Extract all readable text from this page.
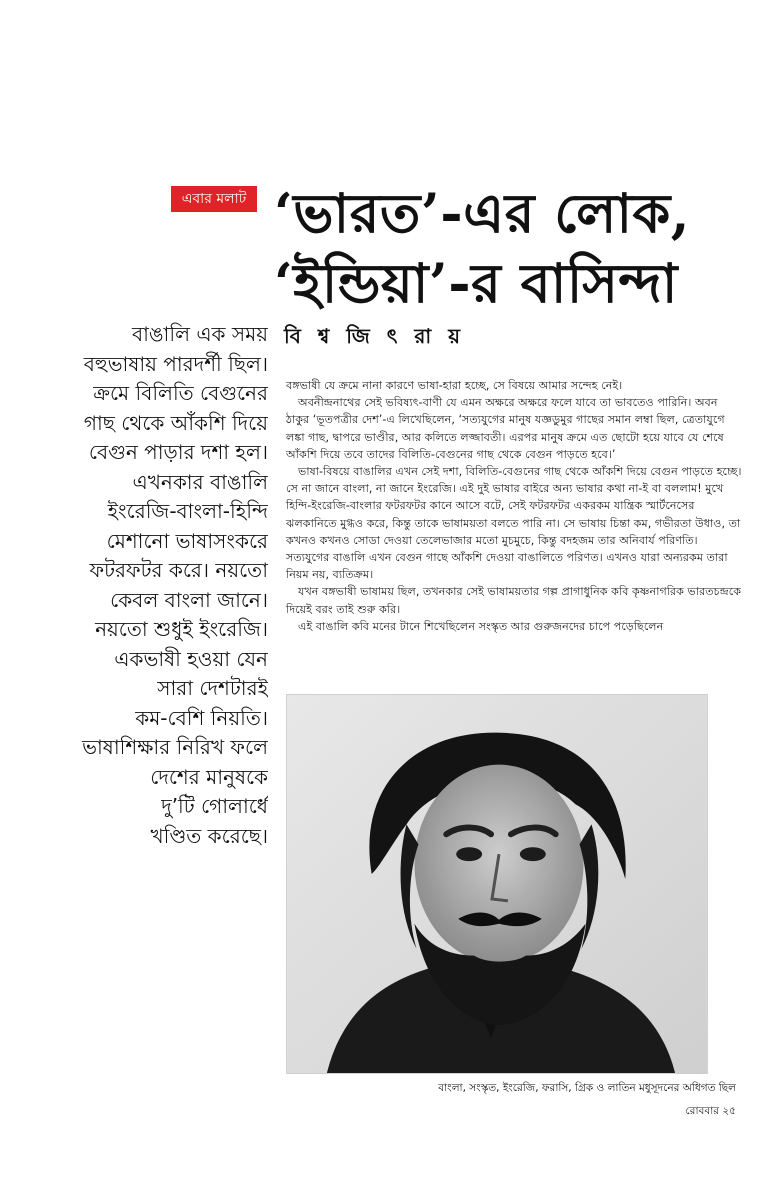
এবার মলাট ‘ভারত’-এর লোক,
‘ইন্ডিয়া’-র বাসিন্দা
বি শ্ব জি ৎ রা য়
বাঙালি এক সময়
বহুভাষায় পারদর্শী ছিল।
ক্রমে বিলিতি বেগুনের
গাছ থেকে আঁকশি দিয়ে
বেগুন পাড়ার দশা হল।
এখনকার বাঙালি
ইংরেজি-বাংলা-হিন্দি
মেশানো ভাষাসংকরে
ফটরফটর করে। নয়তো
কেবল বাংলা জানে।
নয়তো শুধুই ইংরেজি।
একভাষী হওয়া যেন
সারা দেশটারই
কম-বেশি নিয়তি।
ভাষাশিক্ষার নিরিখ ফলে
দেশের মানুষকে
দু’টি গোলার্ধে
খণ্ডিত করেছে।

বঙ্গভাষী যে ক্রমে নানা কারণে ভাষা-হারা হচ্ছে, সে বিষয়ে আমার সন্দেহ নেই।

অবনীন্দ্রনাথের সেই ভবিষ্যৎ-বাণী যে এমন অক্ষরে অক্ষরে ফলে যাবে তা ভাবতেও পারিনি। অবন ঠাকুর ‘ভূতপত্রীর দেশ’-এ লিখেছিলেন, ‘সত্যযুগের মানুষ যজ্ঞডুমুর গাছের সমান লম্বা ছিল, ত্রেতাযুগে লঙ্কা গাছ, দ্বাপরে ভাণ্ডীর, আর কলিতে লজ্জাবতী। এরপর মানুষ ক্রমে এত ছোটো হয়ে যাবে যে শেষে আঁকশি দিয়ে তবে তাদের বিলিতি-বেগুনের গাছ থেকে বেগুন পাড়তে হবে।’

ভাষা-বিষয়ে বাঙালির এখন সেই দশা, বিলিতি-বেগুনের গাছ থেকে আঁকশি দিয়ে বেগুন পাড়তে হচ্ছে। সে না জানে বাংলা, না জানে ইংরেজি। এই দুই ভাষার বাইরে অন্য ভাষার কথা না-ই বা বললাম! মুখে হিন্দি-ইংরেজি-বাংলার ফটরফটর কানে আসে বটে, সেই ফটরফটর একরকম যান্ত্রিক স্মার্টনেসের ঝলকানিতে মুগ্ধও করে, কিন্তু তাকে ভাষাময়তা বলতে পারি না। সে ভাষায় চিন্তা কম, গভীরতা উধাও, তা কখনও কখনও সোডা দেওয়া তেলেভাজার মতো মুচমুচে, কিন্তু বদহজম তার অনিবার্য পরিণতি। সত্যযুগের বাঙালি এখন বেগুন গাছে আঁকশি দেওয়া বাঙালিতে পরিণত। এখনও যারা অন্যরকম তারা নিয়ম নয়, ব্যতিক্রম।

যখন বঙ্গভাষী ভাষাময় ছিল, তখনকার সেই ভাষাময়তার গল্প প্রাগাধুনিক কবি কৃষ্ণনাগরিক ভারতচন্দ্রকে দিয়েই বরং তাই শুরু করি।

এই বাঙালি কবি মনের টানে শিখেছিলেন সংস্কৃত আর গুরুজনদের চাপে পড়েছিলেন

বাংলা, সংস্কৃত, ইংরেজি, ফরাসি, গ্রিক ও লাতিন মধুসূদনের অধিগত ছিল
রোববার ২৫
